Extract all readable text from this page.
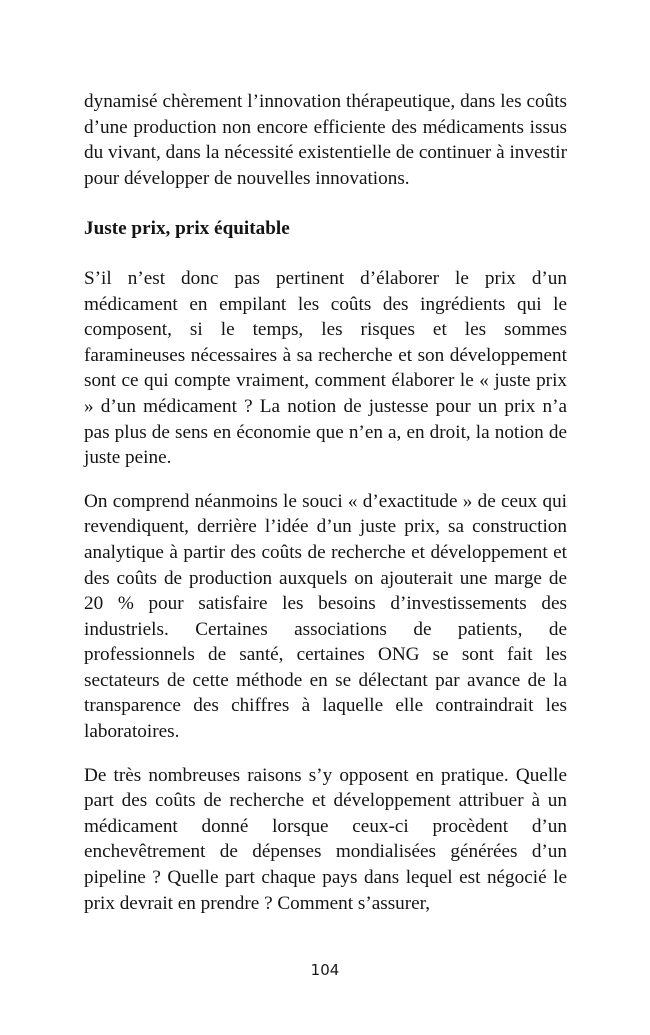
dynamisé chèrement l’innovation thérapeutique, dans les coûts d’une production non encore efficiente des médicaments issus du vivant, dans la nécessité existentielle de continuer à investir pour développer de nouvelles innovations.

Juste prix, prix équitable

S’il n’est donc pas pertinent d’élaborer le prix d’un médicament en empilant les coûts des ingrédients qui le composent, si le temps, les risques et les sommes faramineuses nécessaires à sa recherche et son développement sont ce qui compte vraiment, comment élaborer le « juste prix » d’un médicament ? La notion de justesse pour un prix n’a pas plus de sens en économie que n’en a, en droit, la notion de juste peine.

On comprend néanmoins le souci « d’exactitude » de ceux qui revendiquent, derrière l’idée d’un juste prix, sa construction analytique à partir des coûts de recherche et développement et des coûts de production auxquels on ajouterait une marge de 20 % pour satisfaire les besoins d’investissements des industriels. Certaines associations de patients, de professionnels de santé, certaines ONG se sont fait les sectateurs de cette méthode en se délectant par avance de la transparence des chiffres à laquelle elle contraindrait les laboratoires.

De très nombreuses raisons s’y opposent en pratique. Quelle part des coûts de recherche et développement attribuer à un médicament donné lorsque ceux-ci procèdent d’un enchevêtrement de dépenses mondialisées générées d’un pipeline ? Quelle part chaque pays dans lequel est négocié le prix devrait en prendre ? Comment s’assurer,

104
